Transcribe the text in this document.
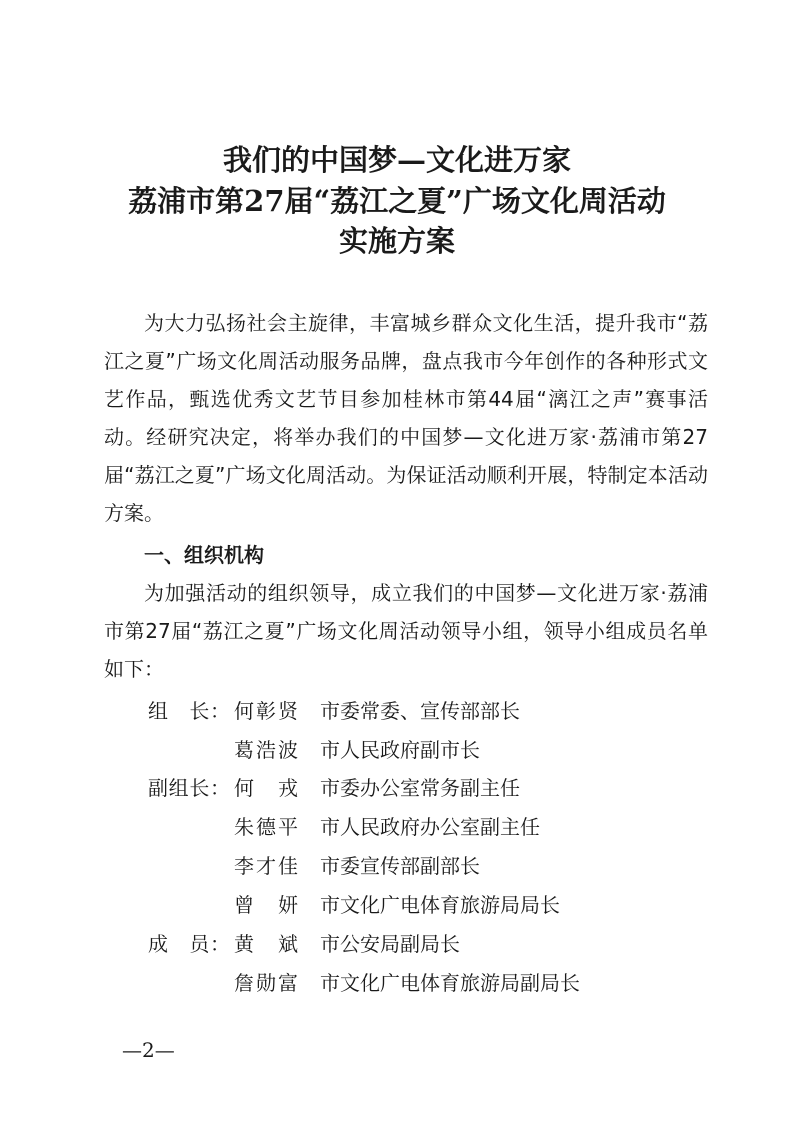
我们的中国梦—文化进万家
荔浦市第27届“荔江之夏”广场文化周活动
实施方案
为大力弘扬社会主旋律，丰富城乡群众文化生活，提升我市“荔江之夏”广场文化周活动服务品牌，盘点我市今年创作的各种形式文艺作品，甄选优秀文艺节目参加桂林市第44届“漓江之声”赛事活动。经研究决定，将举办我们的中国梦—文化进万家·荔浦市第27届“荔江之夏”广场文化周活动。为保证活动顺利开展，特制定本活动方案。
一、组织机构
为加强活动的组织领导，成立我们的中国梦—文化进万家·荔浦市第27届“荔江之夏”广场文化周活动领导小组，领导小组成员名单如下：
组　长： 何彰贤 市委常委、宣传部部长
葛浩波 市人民政府副市长
副组长： 何戎 市委办公室常务副主任
朱德平 市人民政府办公室副主任
李才佳 市委宣传部副部长
曾妍 市文化广电体育旅游局局长
成　员： 黄斌 市公安局副局长
詹勋富 市文化广电体育旅游局副局长
—2—
